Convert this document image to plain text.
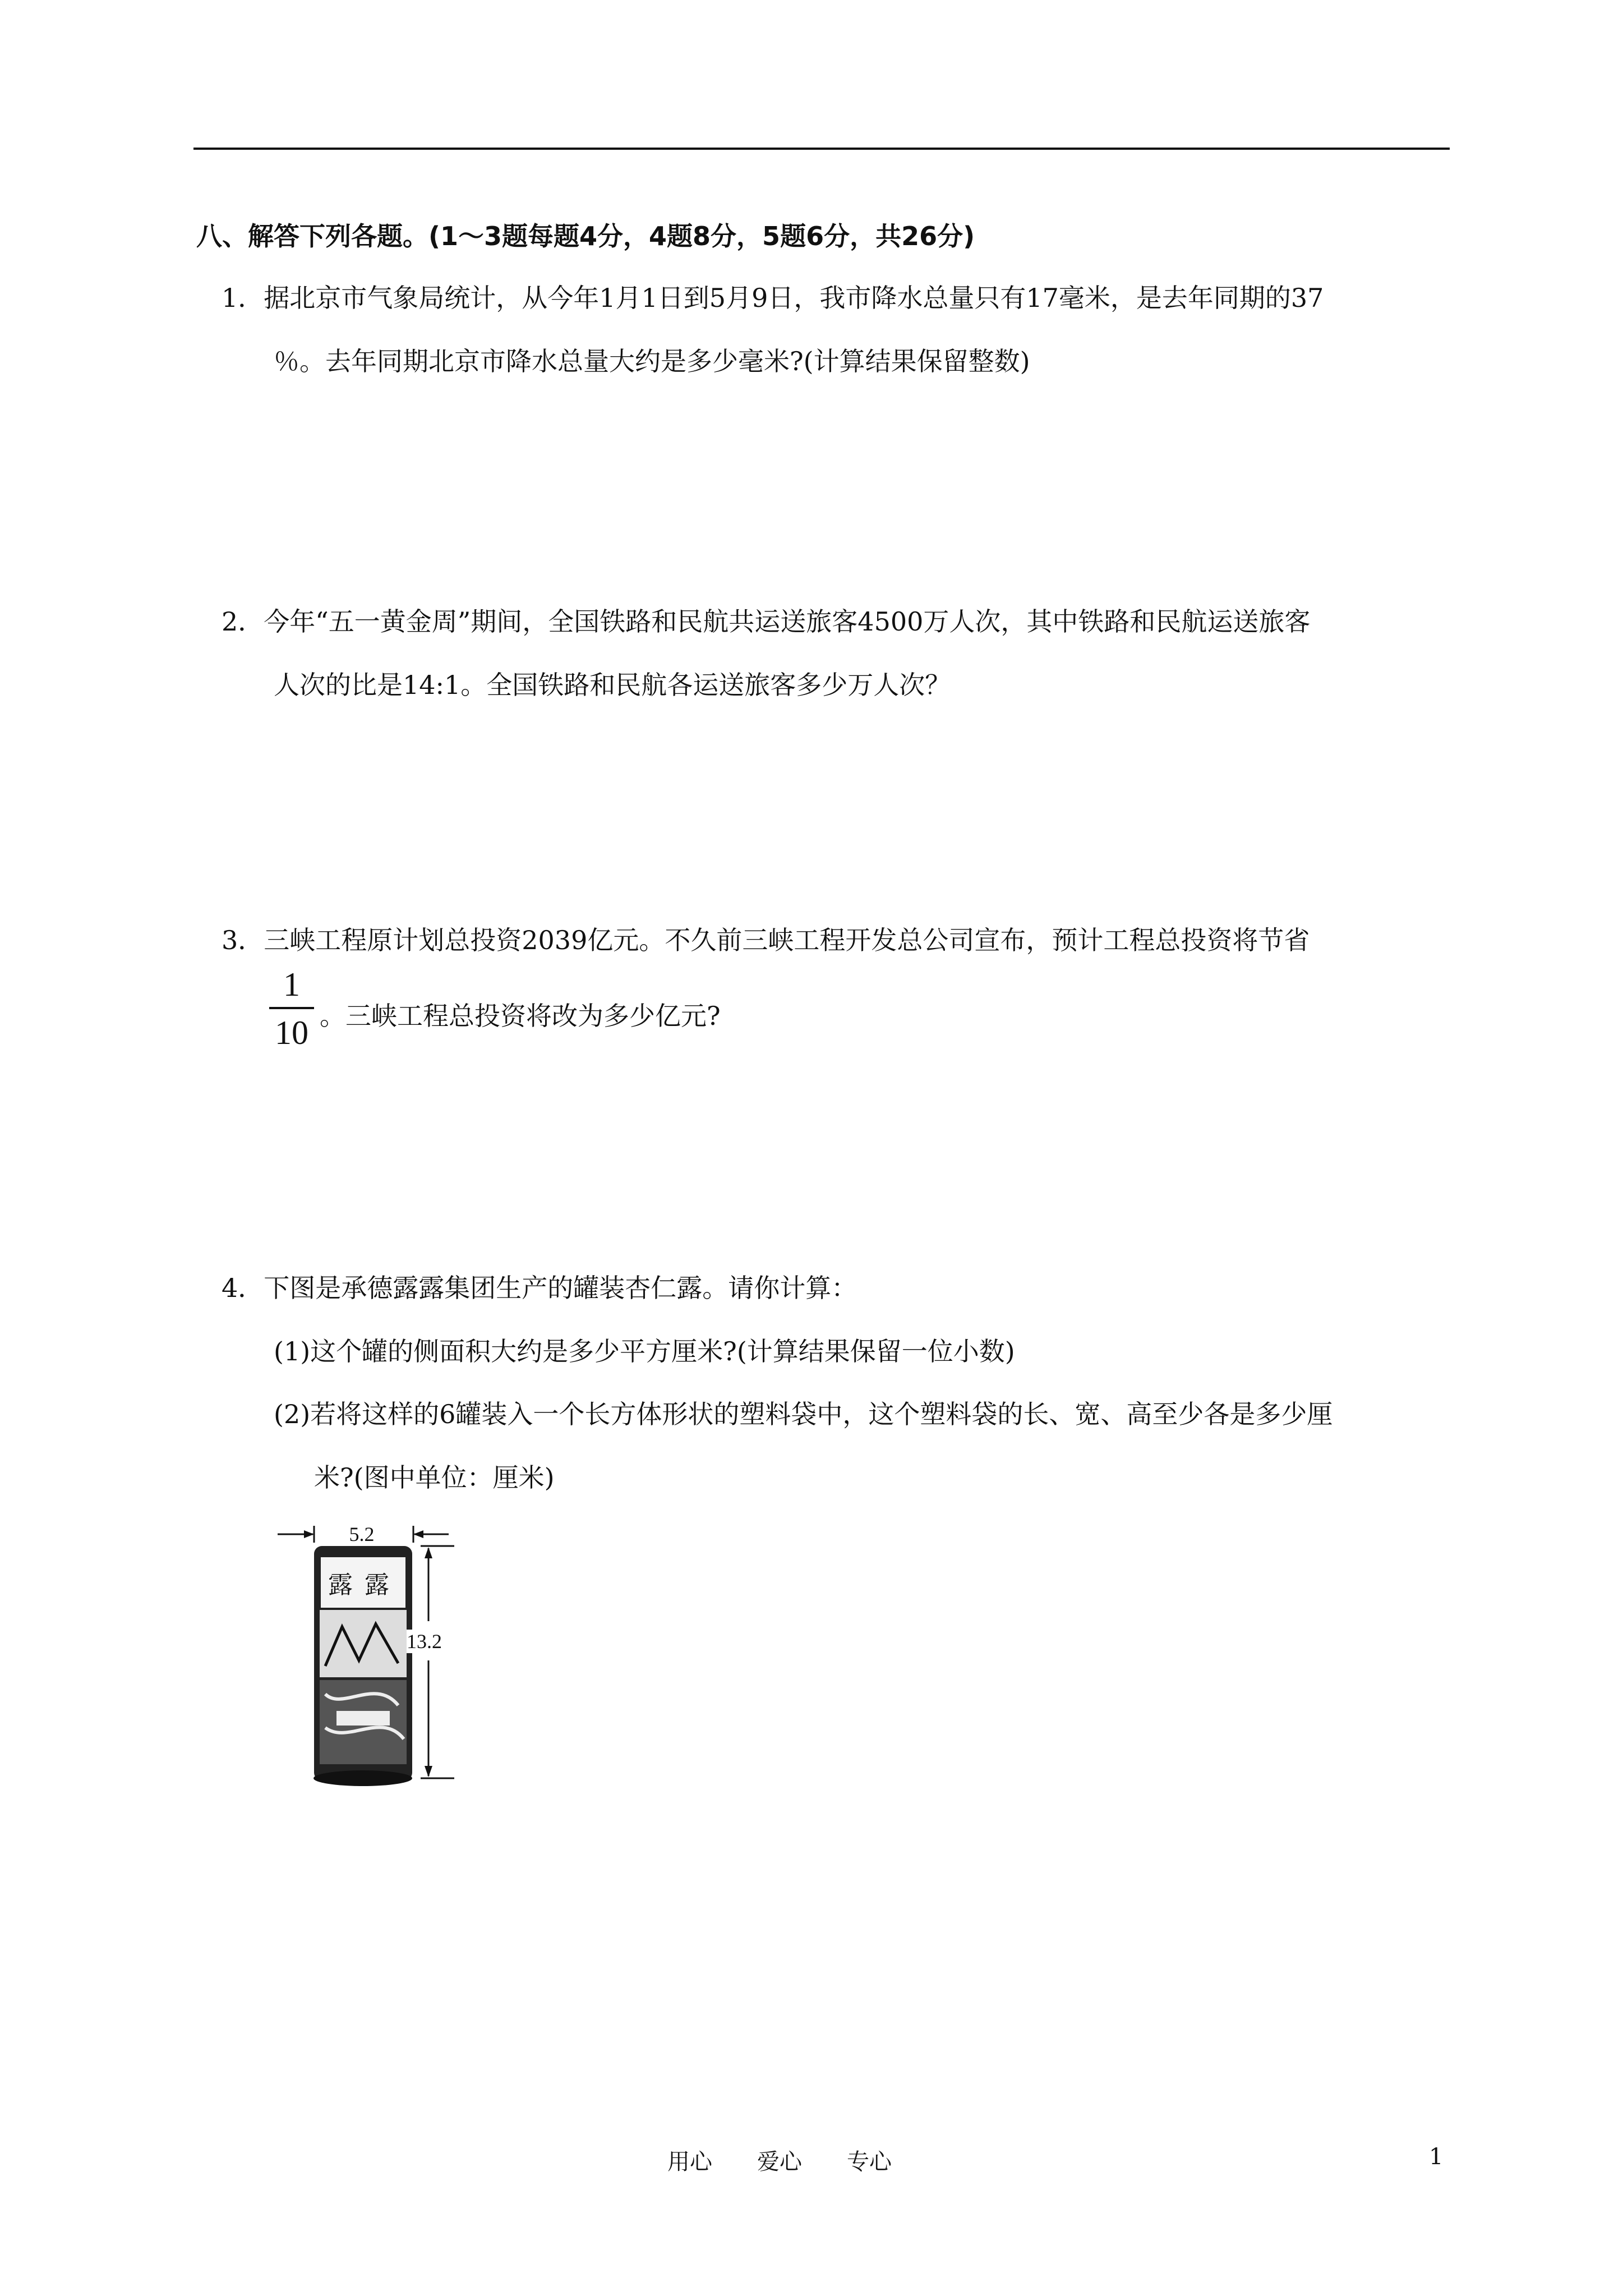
八、解答下列各题。(1～3题每题4分，4题8分，5题6分，共26分)
1．据北京市气象局统计，从今年1月1日到5月9日，我市降水总量只有17毫米，是去年同期的37
％。去年同期北京市降水总量大约是多少毫米?(计算结果保留整数)
2．今年“五一黄金周”期间，全国铁路和民航共运送旅客4500万人次，其中铁路和民航运送旅客
人次的比是14:1。全国铁路和民航各运送旅客多少万人次？
3．三峡工程原计划总投资2039亿元。不久前三峡工程开发总公司宣布，预计工程总投资将节省
1
10 。三峡工程总投资将改为多少亿元?
4．下图是承德露露集团生产的罐装杏仁露。请你计算：
(1)这个罐的侧面积大约是多少平方厘米?(计算结果保留一位小数)
(2)若将这样的6罐装入一个长方体形状的塑料袋中，这个塑料袋的长、宽、高至少各是多少厘
米?(图中单位：厘米)
露 露
5.2
13.2
用心　　爱心　　专心	1
